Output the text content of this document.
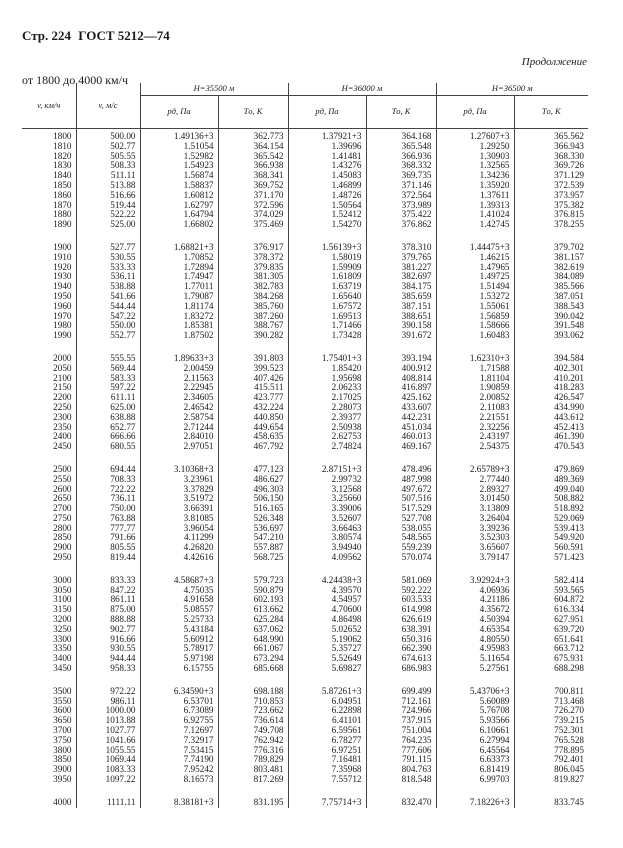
Стр. 224 ГОСТ 5212—74
Продолжение
от 1800 до 4000 км/ч
v, км/ч	v, м/с	H=35500 м		H=36000 м		H=36500 м	
		pд, Па	Tо, К	pд, Па	Tо, К	pд, Па	Tо, К
1800	500.00	1.49136+3	362.773	1.37921+3	364.168	1.27607+3	365.562
1810	502.77	1.51054	364.154	1.39696	365.548	1.29250	366.943
1820	505.55	1.52982	365.542	1.41481	366.936	1.30903	368.330
1830	508.33	1.54923	366.938	1.43276	368.332	1.32565	369.726
1840	511.11	1.56874	368.341	1.45083	369.735	1.34236	371.129
1850	513.88	1.58837	369.752	1.46899	371.146	1.35920	372.539
1860	516.66	1.60812	371.170	1.48726	372.564	1.37611	373.957
1870	519.44	1.62797	372.596	1.50564	373.989	1.39313	375.382
1880	522.22	1.64794	374.029	1.52412	375.422	1.41024	376.815
1890	525.00	1.66802	375.469	1.54270	376.862	1.42745	378.255

1900	527.77	1.68821+3	376.917	1.56139+3	378.310	1.44475+3	379.702
1910	530.55	1.70852	378.372	1.58019	379.765	1.46215	381.157
1920	533.33	1.72894	379.835	1.59909	381.227	1.47965	382.619
1930	536.11	1.74947	381.305	1.61809	382.697	1.49725	384.089
1940	538.88	1.77011	382.783	1.63719	384.175	1.51494	385.566
1950	541.66	1.79087	384.268	1.65640	385.659	1.53272	387.051
1960	544.44	1.81174	385.760	1.67572	387.151	1.55061	388.543
1970	547.22	1.83272	387.260	1.69513	388.651	1.56859	390.042
1980	550.00	1.85381	388.767	1.71466	390.158	1.58666	391.548
1990	552.77	1.87502	390.282	1.73428	391.672	1.60483	393.062

2000	555.55	1.89633+3	391.803	1.75401+3	393.194	1.62310+3	394.584
2050	569.44	2.00459	399.523	1.85420	400.912	1.71588	402.301
2100	583.33	2.11563	407.426	1.95698	408.814	1.81104	410.201
2150	597.22	2.22945	415.511	2.06233	416.897	1.90859	418.283
2200	611.11	2.34605	423.777	2.17025	425.162	2.00852	426.547
2250	625.00	2.46542	432.224	2.28073	433.607	2.11083	434.990
2300	638.88	2.58754	440.850	2.39377	442.231	2.21551	443.612
2350	652.77	2.71244	449.654	2.50938	451.034	2.32256	452.413
2400	666.66	2.84010	458.635	2.62753	460.013	2.43197	461.390
2450	680.55	2.97051	467.792	2.74824	469.167	2.54375	470.543

2500	694.44	3.10368+3	477.123	2.87151+3	478.496	2.65789+3	479.869
2550	708.33	3.23961	486.627	2.99732	487.998	2.77440	489.369
2600	722.22	3.37829	496.303	3.12568	497.672	2.89327	499.040
2650	736.11	3.51972	506.150	3.25660	507.516	3.01450	508.882
2700	750.00	3.66391	516.165	3.39006	517.529	3.13809	518.892
2750	763.88	3.81085	526.348	3.52607	527.708	3.26404	529.069
2800	777.77	3.96054	536.697	3.66463	538.055	3.39236	539.413
2850	791.66	4.11299	547.210	3.80574	548.565	3.52303	549.920
2900	805.55	4.26820	557.887	3.94940	559.239	3.65607	560.591
2950	819.44	4.42616	568.725	4.09562	570.074	3.79147	571.423

3000	833.33	4.58687+3	579.723	4.24438+3	581.069	3.92924+3	582.414
3050	847.22	4.75035	590.879	4.39570	592.222	4.06936	593.565
3100	861.11	4.91658	602.193	4.54957	603.533	4.21186	604.872
3150	875.00	5.08557	613.662	4.70600	614.998	4.35672	616.334
3200	888.88	5.25733	625.284	4.86498	626.619	4.50394	627.951
3250	902.77	5.43184	637.062	5.02652	638.391	4.65354	639.720
3300	916.66	5.60912	648.990	5.19062	650.316	4.80550	651.641
3350	930.55	5.78917	661.067	5.35727	662.390	4.95983	663.712
3400	944.44	5.97198	673.294	5.52649	674.613	5.11654	675.931
3450	958.33	6.15755	685.668	5.69827	686.983	5.27561	688.298

3500	972.22	6.34590+3	698.188	5.87261+3	699.499	5.43706+3	700.811
3550	986.11	6.53701	710.853	6.04951	712.161	5.60089	713.468
3600	1000.00	6.73089	723.662	6.22898	724.966	5.76708	726.270
3650	1013.88	6.92755	736.614	6.41101	737.915	5.93566	739.215
3700	1027.77	7.12697	749.708	6.59561	751.004	6.10661	752.301
3750	1041.66	7.32917	762.942	6.78277	764.235	6.27994	765.528
3800	1055.55	7.53415	776.316	6.97251	777.606	6.45564	778.895
3850	1069.44	7.74190	789.829	7.16481	791.115	6.63373	792.401
3900	1083.33	7.95242	803.481	7.35968	804.763	6.81419	806.045
3950	1097.22	8.16573	817.269	7.55712	818.548	6.99703	819.827

4000	1111.11	8.38181+3	831.195	7.75714+3	832.470	7.18226+3	833.745
